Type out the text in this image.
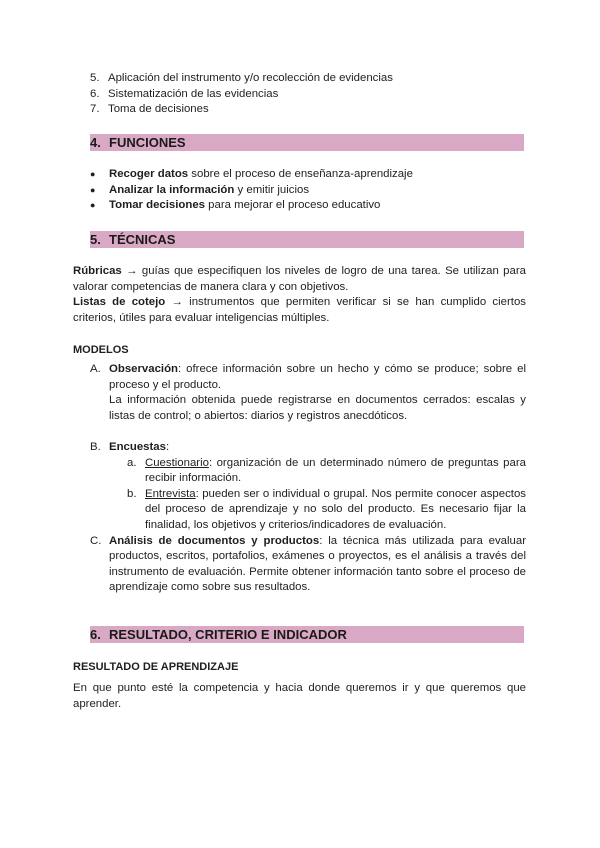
5. Aplicación del instrumento y/o recolección de evidencias
6. Sistematización de las evidencias
7. Toma de decisiones
4. FUNCIONES
● Recoger datos sobre el proceso de enseñanza-aprendizaje
● Analizar la información y emitir juicios
● Tomar decisiones para mejorar el proceso educativo
5. TÉCNICAS

Rúbricas → guías que especifiquen los niveles de logro de una tarea. Se utilizan para valorar competencias de manera clara y con objetivos.

Listas de cotejo → instrumentos que permiten verificar si se han cumplido ciertos criterios, útiles para evaluar inteligencias múltiples.

MODELOS
A. Observación: ofrece información sobre un hecho y cómo se produce; sobre el proceso y el producto.

La información obtenida puede registrarse en documentos cerrados: escalas y listas de control; o abiertos: diarios y registros anecdóticos.

B. Encuestas:

a. Cuestionario: organización de un determinado número de preguntas para recibir información.
b. Entrevista: pueden ser o individual o grupal. Nos permite conocer aspectos del proceso de aprendizaje y no solo del producto. Es necesario fijar la finalidad, los objetivos y criterios/indicadores de evaluación.
C. Análisis de documentos y productos: la técnica más utilizada para evaluar productos, escritos, portafolios, exámenes o proyectos, es el análisis a través del instrumento de evaluación. Permite obtener información tanto sobre el proceso de aprendizaje como sobre sus resultados.

6. RESULTADO, CRITERIO E INDICADOR
RESULTADO DE APRENDIZAJE

En que punto esté la competencia y hacia donde queremos ir y que queremos que aprender.
